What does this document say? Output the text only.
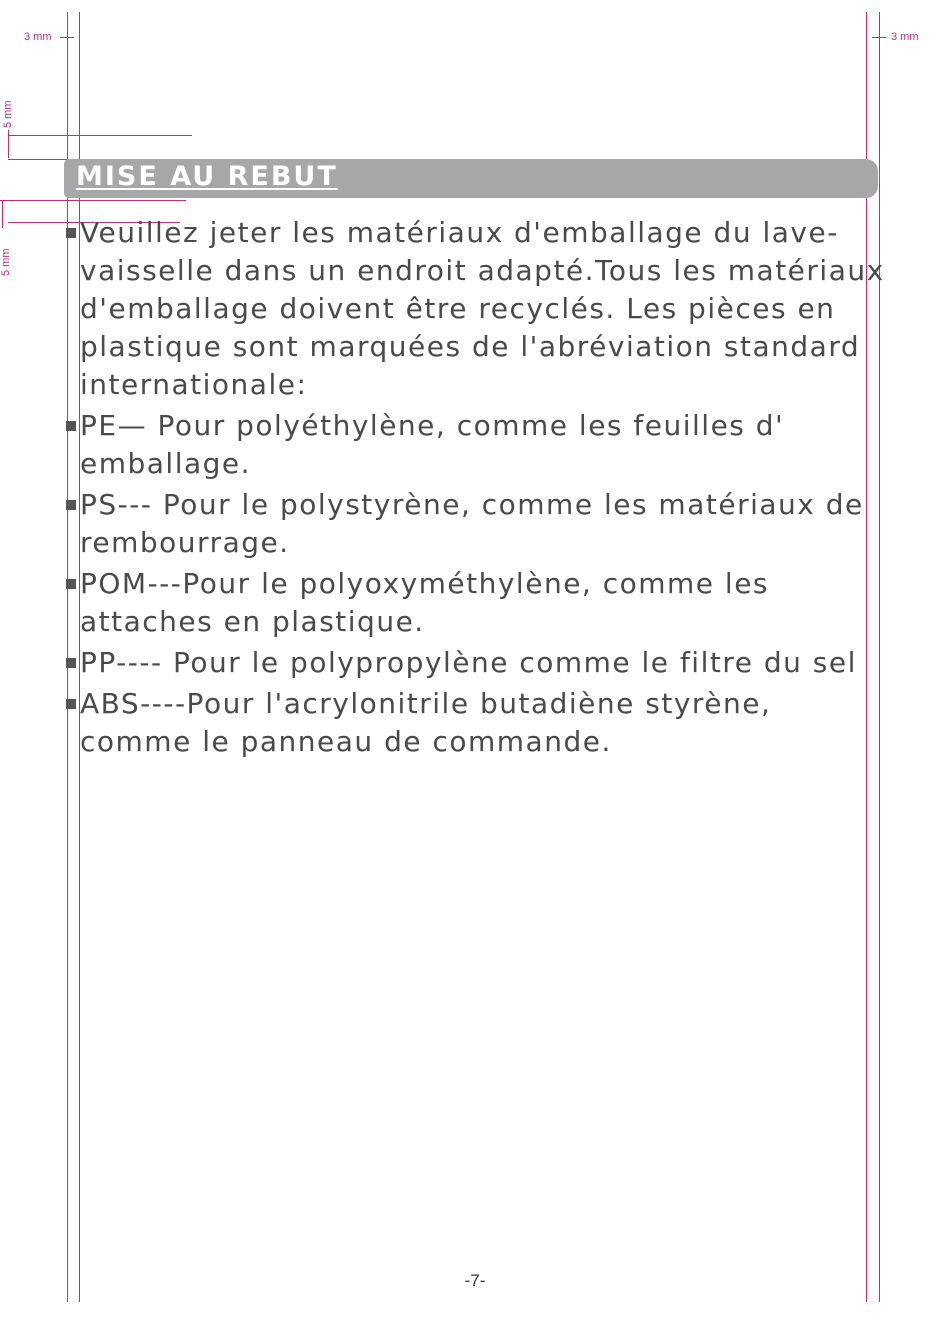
3 mm	3 mm
5 mm
5 mm
MISE AU REBUT
Veuillez jeter les matériaux d'emballage du lave-vaisselle dans un endroit adapté.Tous les matériaux d'emballage doivent être recyclés. Les pièces en plastique sont marquées de l'abréviation standard internationale:
PE— Pour polyéthylène, comme les feuilles d' emballage.
PS--- Pour le polystyrène, comme les matériaux de rembourrage.
POM---Pour le polyoxyméthylène, comme les attaches en plastique.
PP---- Pour le polypropylène comme le filtre du sel
ABS----Pour l'acrylonitrile butadiène styrène, comme le panneau de commande.
-7-
